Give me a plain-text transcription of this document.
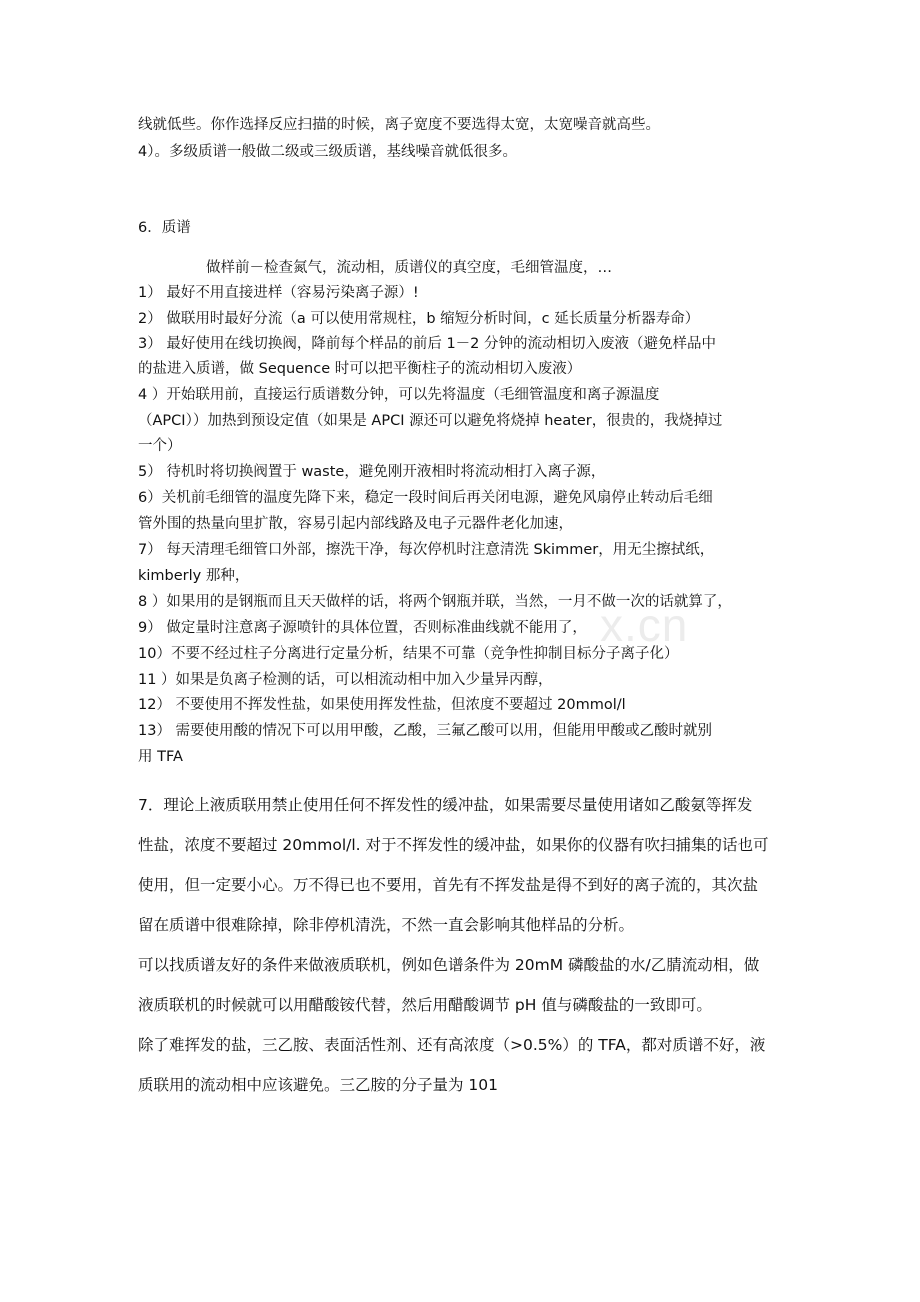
x.cn
线就低些。你作选择反应扫描的时候，离子宽度不要选得太宽，太宽噪音就高些。
4）。多级质谱一般做二级或三级质谱，基线噪音就低很多。
6．质谱
做样前－检查氮气，流动相，质谱仪的真空度，毛细管温度，…
1） 最好不用直接进样（容易污染离子源）!
2） 做联用时最好分流（a 可以使用常规柱，b 缩短分析时间，c 延长质量分析器寿命）
3） 最好使用在线切换阀，降前每个样品的前后 1－2 分钟的流动相切入废液（避免样品中
的盐进入质谱，做 Sequence 时可以把平衡柱子的流动相切入废液）
4 ）开始联用前，直接运行质谱数分钟，可以先将温度（毛细管温度和离子源温度
（APCI））加热到预设定值（如果是 APCI 源还可以避免将烧掉 heater，很贵的，我烧掉过
一个）
5） 待机时将切换阀置于 waste，避免刚开液相时将流动相打入离子源，
6）关机前毛细管的温度先降下来，稳定一段时间后再关闭电源，避免风扇停止转动后毛细
管外围的热量向里扩散，容易引起内部线路及电子元器件老化加速，
7） 每天清理毛细管口外部，擦洗干净，每次停机时注意清洗 Skimmer，用无尘擦拭纸，
kimberly 那种，
8 ）如果用的是钢瓶而且天天做样的话，将两个钢瓶并联，当然，一月不做一次的话就算了，
9） 做定量时注意离子源喷针的具体位置，否则标准曲线就不能用了，
10）不要不经过柱子分离进行定量分析，结果不可靠（竞争性抑制目标分子离子化）
11 ）如果是负离子检测的话，可以相流动相中加入少量异丙醇，
12） 不要使用不挥发性盐，如果使用挥发性盐，但浓度不要超过 20mmol/l
13） 需要使用酸的情况下可以用甲酸，乙酸，三氟乙酸可以用，但能用甲酸或乙酸时就别
用 TFA
7．理论上液质联用禁止使用任何不挥发性的缓冲盐，如果需要尽量使用诸如乙酸氨等挥发
性盐，浓度不要超过 20mmol/l. 对于不挥发性的缓冲盐，如果你的仪器有吹扫捕集的话也可
使用，但一定要小心。万不得已也不要用，首先有不挥发盐是得不到好的离子流的，其次盐
留在质谱中很难除掉，除非停机清洗，不然一直会影响其他样品的分析。
可以找质谱友好的条件来做液质联机，例如色谱条件为 20mM 磷酸盐的水/乙腈流动相，做
液质联机的时候就可以用醋酸铵代替，然后用醋酸调节 pH 值与磷酸盐的一致即可。
除了难挥发的盐，三乙胺、表面活性剂、还有高浓度（>0.5%）的 TFA，都对质谱不好，液
质联用的流动相中应该避免。三乙胺的分子量为 101
